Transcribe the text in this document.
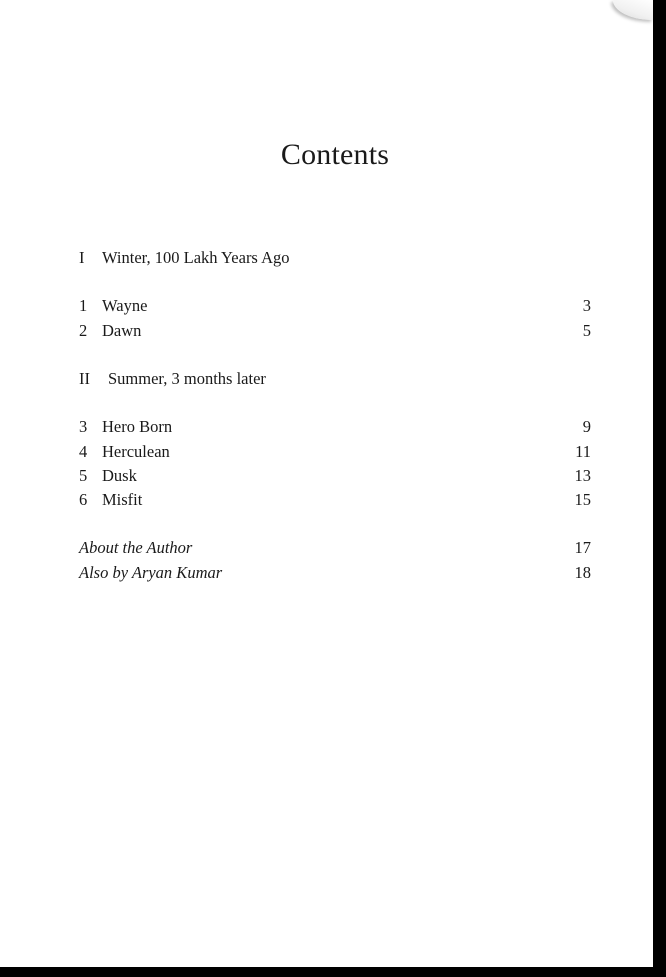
Contents
I Winter, 100 Lakh Years Ago
1 Wayne	3
2 Dawn	5
II Summer, 3 months later
3 Hero Born	9
4 Herculean	11
5 Dusk	13
6 Misfit	15
About the Author	17
Also by Aryan Kumar	18
